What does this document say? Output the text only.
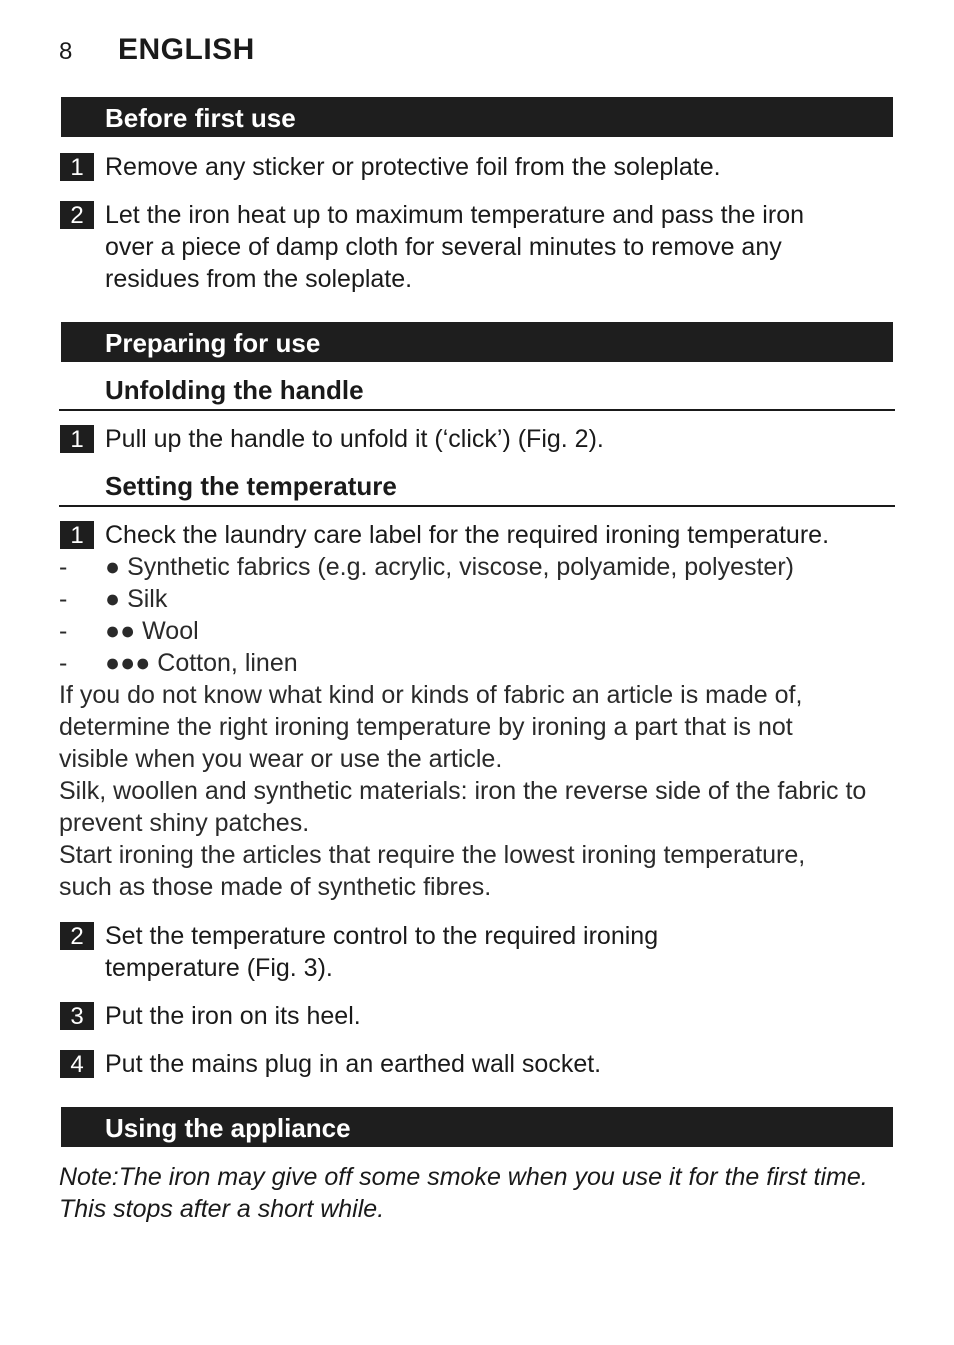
8 ENGLISH
Before first use
1 Remove any sticker or protective foil from the soleplate.
2 Let the iron heat up to maximum temperature and pass the iron
over a piece of damp cloth for several minutes to remove any
residues from the soleplate.
Preparing for use
Unfolding the handle
1 Pull up the handle to unfold it (‘click’) (Fig. 2).
Setting the temperature
1 Check the laundry care label for the required ironing temperature.
- ● Synthetic fabrics (e.g. acrylic, viscose, polyamide, polyester)
- ● Silk
- ●● Wool
- ●●● Cotton, linen
If you do not know what kind or kinds of fabric an article is made of,
determine the right ironing temperature by ironing a part that is not
visible when you wear or use the article.
Silk, woollen and synthetic materials: iron the reverse side of the fabric to
prevent shiny patches.
Start ironing the articles that require the lowest ironing temperature,
such as those made of synthetic fibres.
2 Set the temperature control to the required ironing
temperature (Fig. 3).
3 Put the iron on its heel.
4 Put the mains plug in an earthed wall socket.
Using the appliance
Note:The iron may give off some smoke when you use it for the first time.
This stops after a short while.
